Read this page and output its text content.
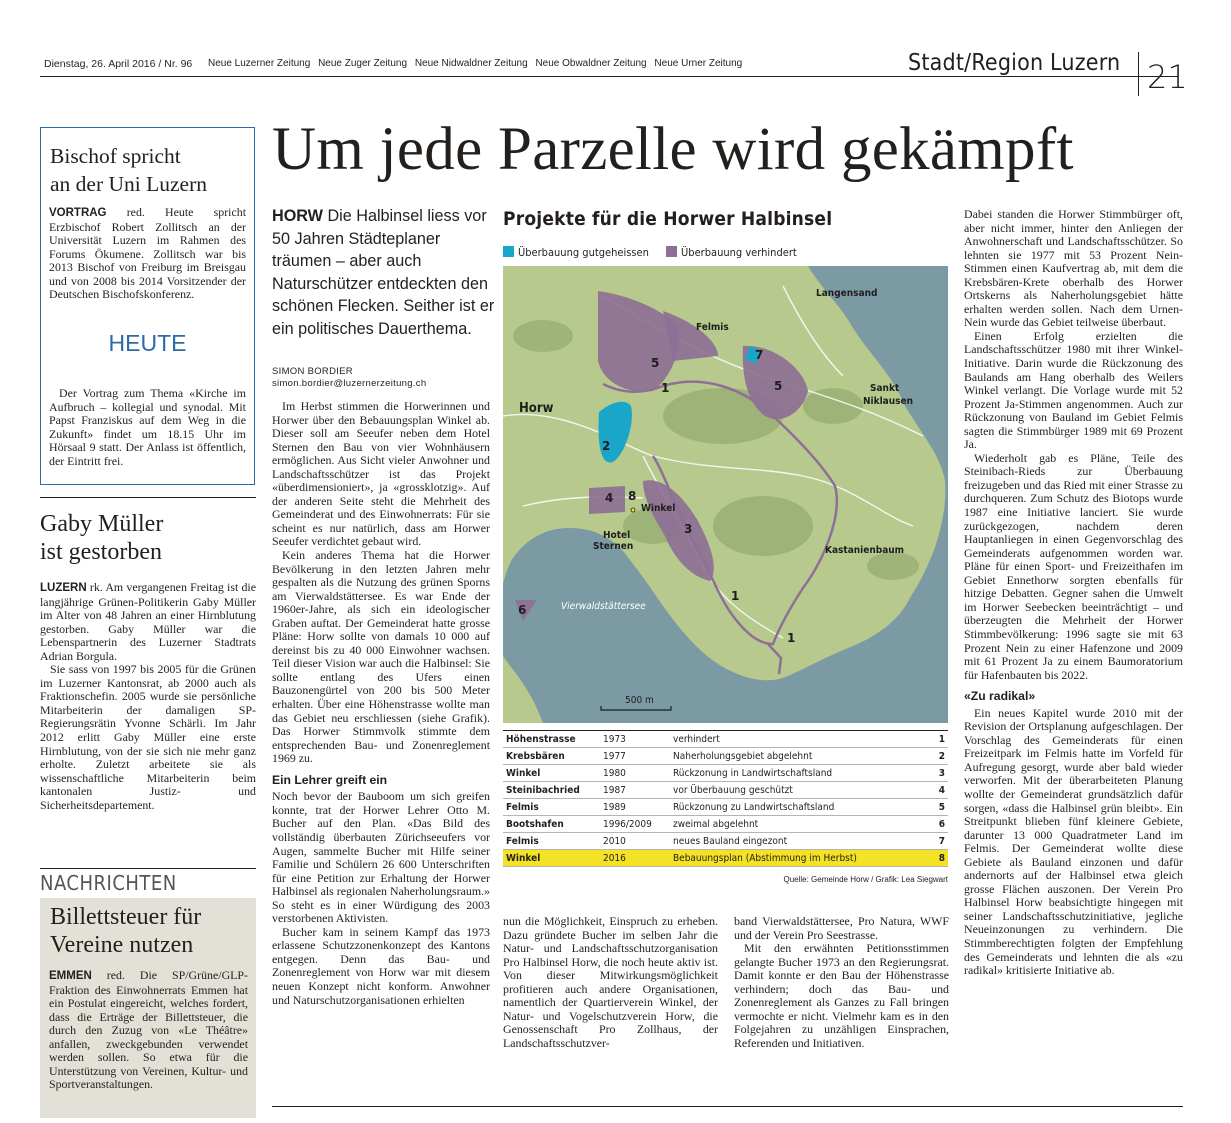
Dienstag, 26. April 2016 / Nr. 96 Neue Luzerner Zeitung Neue Zuger Zeitung Neue Nidwaldner Zeitung Neue Obwaldner Zeitung Neue Urner Zeitung	Stadt/Region Luzern 21
Bischof spricht
an der Uni Luzern

VORTRAG red. Heute spricht Erzbischof Robert Zollitsch an der Universität Luzern im Rahmen des Forums Ökumene. Zollitsch war bis 2013 Bischof von Freiburg im Breisgau und von 2008 bis 2014 Vorsitzender der Deutschen Bischofskonferenz.

HEUTE

Der Vortrag zum Thema «Kirche im Aufbruch – kollegial und synodal. Mit Papst Franziskus auf dem Weg in die Zukunft» findet um 18.15 Uhr im Hörsaal 9 statt. Der Anlass ist öffentlich, der Eintritt frei.

Gaby Müller
ist gestorben

LUZERN rk. Am vergangenen Freitag ist die langjährige Grünen-Politikerin Gaby Müller im Alter von 48 Jahren an einer Hirnblutung gestorben. Gaby Müller war die Lebenspartnerin des Luzerner Stadtrats Adrian Borgula.

Sie sass von 1997 bis 2005 für die Grünen im Luzerner Kantonsrat, ab 2000 auch als Fraktionschefin. 2005 wurde sie persönliche Mitarbeiterin der damaligen SP-Regierungsrätin Yvonne Schärli. Im Jahr 2012 erlitt Gaby Müller eine erste Hirnblutung, von der sie sich nie mehr ganz erholte. Zuletzt arbeitete sie als wissenschaftliche Mitarbeiterin beim kantonalen Justiz- und Sicherheitsdepartement.

NACHRICHTEN
Billettsteuer für
Vereine nutzen

EMMEN red. Die SP/Grüne/GLP-Fraktion des Einwohnerrats Emmen hat ein Postulat eingereicht, welches fordert, dass die Erträge der Billettsteuer, die durch den Zuzug von «Le Théâtre» anfallen, zweckgebunden verwendet werden sollen. So etwa für die Unterstützung von Vereinen, Kultur- und Sportveranstaltungen.

Um jede Parzelle wird gekämpft
HORW Die Halbinsel liess vor 50 Jahren Städteplaner träumen – aber auch Naturschützer entdeckten den schönen Flecken. Seither ist er ein politisches Dauerthema.
SIMON BORDIER
simon.bordier@luzernerzeitung.ch

Im Herbst stimmen die Horwerinnen und Horwer über den Bebauungsplan Winkel ab. Dieser soll am Seeufer neben dem Hotel Sternen den Bau von vier Wohnhäusern ermöglichen. Aus Sicht vieler Anwohner und Landschaftsschützer ist das Projekt «überdimensioniert», ja «grossklotzig». Auf der anderen Seite steht die Mehrheit des Gemeinderat und des Einwohnerrats: Für sie scheint es nur natürlich, dass am Horwer Seeufer verdichtet gebaut wird.

Kein anderes Thema hat die Horwer Bevölkerung in den letzten Jahren mehr gespalten als die Nutzung des grünen Sporns am Vierwaldstättersee. Es war Ende der 1960er-Jahre, als sich ein ideologischer Graben auftat. Der Gemeinderat hatte grosse Pläne: Horw sollte von damals 10 000 auf dereinst bis zu 40 000 Einwohner wachsen. Teil dieser Vision war auch die Halbinsel: Sie sollte entlang des Ufers einen Bauzonengürtel von 200 bis 500 Meter erhalten. Über eine Höhenstrasse wollte man das Gebiet neu erschliessen (siehe Grafik). Das Horwer Stimmvolk stimmte dem entsprechenden Bau- und Zonenreglement 1969 zu.

Ein Lehrer greift ein

Noch bevor der Bauboom um sich greifen konnte, trat der Horwer Lehrer Otto M. Bucher auf den Plan. «Das Bild des vollständig überbauten Zürichseeufers vor Augen, sammelte Bucher mit Hilfe seiner Familie und Schülern 26 600 Unterschriften für eine Petition zur Erhaltung der Horwer Halbinsel als regionalen Naherholungsraum.» So steht es in einer Würdigung des 2003 verstorbenen Aktivisten.

Bucher kam in seinem Kampf das 1973 erlassene Schutzzonenkonzept des Kantons entgegen. Denn das Bau- und Zonenreglement von Horw war mit diesem neuen Konzept nicht konform. Anwohner und Naturschutzorganisationen erhielten

Projekte für die Horwer Halbinsel
Überbauung gutgeheissen	Überbauung verhindert
500 m
Langensand
Felmis
Sankt
Niklausen
Horw
Winkel
Hotel
Sternen	Kastanienbaum
Vierwaldstättersee
5
1
7
5
2
4 8
3
1
1
6
Höhenstrasse	1973	verhindert	1
Krebsbären	1977	Naherholungsgebiet abgelehnt	2
Winkel	1980	Rückzonung in Landwirtschaftsland	3
Steinibachried	1987	vor Überbauung geschützt	4
Felmis	1989	Rückzonung zu Landwirtschaftsland	5
Bootshafen	1996/2009	zweimal abgelehnt	6
Felmis	2010	neues Bauland eingezont	7
Winkel	2016	Bebauungsplan (Abstimmung im Herbst)	8
Quelle: Gemeinde Horw / Grafik: Lea Siegwart

nun die Möglichkeit, Einspruch zu erheben. Dazu gründete Bucher im selben Jahr die Natur- und Landschaftsschutzorganisation Pro Halbinsel Horw, die noch heute aktiv ist. Von dieser Mitwirkungsmöglichkeit profitieren auch andere Organisationen, namentlich der Quartierverein Winkel, der Natur- und Vogelschutzverein Horw, die Genossenschaft Pro Zollhaus, der Landschaftsschutzver-

band Vierwaldstättersee, Pro Natura, WWF und der Verein Pro Seestrasse.

Mit den erwähnten Petitionsstimmen gelangte Bucher 1973 an den Regierungsrat. Damit konnte er den Bau der Höhenstrasse verhindern; doch das Bau- und Zonenreglement als Ganzes zu Fall bringen vermochte er nicht. Vielmehr kam es in den Folgejahren zu unzähligen Einsprachen, Referenden und Initiativen.

Dabei standen die Horwer Stimmbürger oft, aber nicht immer, hinter den Anliegen der Anwohnerschaft und Landschaftsschützer. So lehnten sie 1977 mit 53 Prozent Nein-Stimmen einen Kaufvertrag ab, mit dem die Krebsbären-Krete oberhalb des Horwer Ortskerns als Naherholungsgebiet hätte erhalten werden sollen. Nach dem Urnen-Nein wurde das Gebiet teilweise überbaut.

Einen Erfolg erzielten die Landschaftsschützer 1980 mit ihrer Winkel-Initiative. Darin wurde die Rückzonung des Baulands am Hang oberhalb des Weilers Winkel verlangt. Die Vorlage wurde mit 52 Prozent Ja-Stimmen angenommen. Auch zur Rückzonung von Bauland im Gebiet Felmis sagten die Stimmbürger 1989 mit 69 Prozent Ja.

Wiederholt gab es Pläne, Teile des Steinibach-Rieds zur Überbauung freizugeben und das Ried mit einer Strasse zu durchqueren. Zum Schutz des Biotops wurde 1987 eine Initiative lanciert. Sie wurde zurückgezogen, nachdem deren Hauptanliegen in einen Gegenvorschlag des Gemeinderats aufgenommen worden war. Pläne für einen Sport- und Freizeithafen im Gebiet Ennethorw sorgten ebenfalls für hitzige Debatten. Gegner sahen die Umwelt im Horwer Seebecken beeinträchtigt – und überzeugten die Mehrheit der Horwer Stimmbevölkerung: 1996 sagte sie mit 63 Prozent Nein zu einer Hafenzone und 2009 mit 61 Prozent Ja zu einem Baumoratorium für Hafenbauten bis 2022.

«Zu radikal»

Ein neues Kapitel wurde 2010 mit der Revision der Ortsplanung aufgeschlagen. Der Vorschlag des Gemeinderats für einen Freizeitpark im Felmis hatte im Vorfeld für Aufregung gesorgt, wurde aber bald wieder verworfen. Mit der überarbeiteten Planung wollte der Gemeinderat grundsätzlich dafür sorgen, «dass die Halbinsel grün bleibt». Ein Streitpunkt blieben fünf kleinere Gebiete, darunter 13 000 Quadratmeter Land im Felmis. Der Gemeinderat wollte diese Gebiete als Bauland einzonen und dafür andernorts auf der Halbinsel etwa gleich grosse Flächen auszonen. Der Verein Pro Halbinsel Horw beabsichtigte hingegen mit seiner Landschaftsschutzinitiative, jegliche Neueinzonungen zu verhindern. Die Stimmberechtigten folgten der Empfehlung des Gemeinderats und lehnten die als «zu radikal» kritisierte Initiative ab.
